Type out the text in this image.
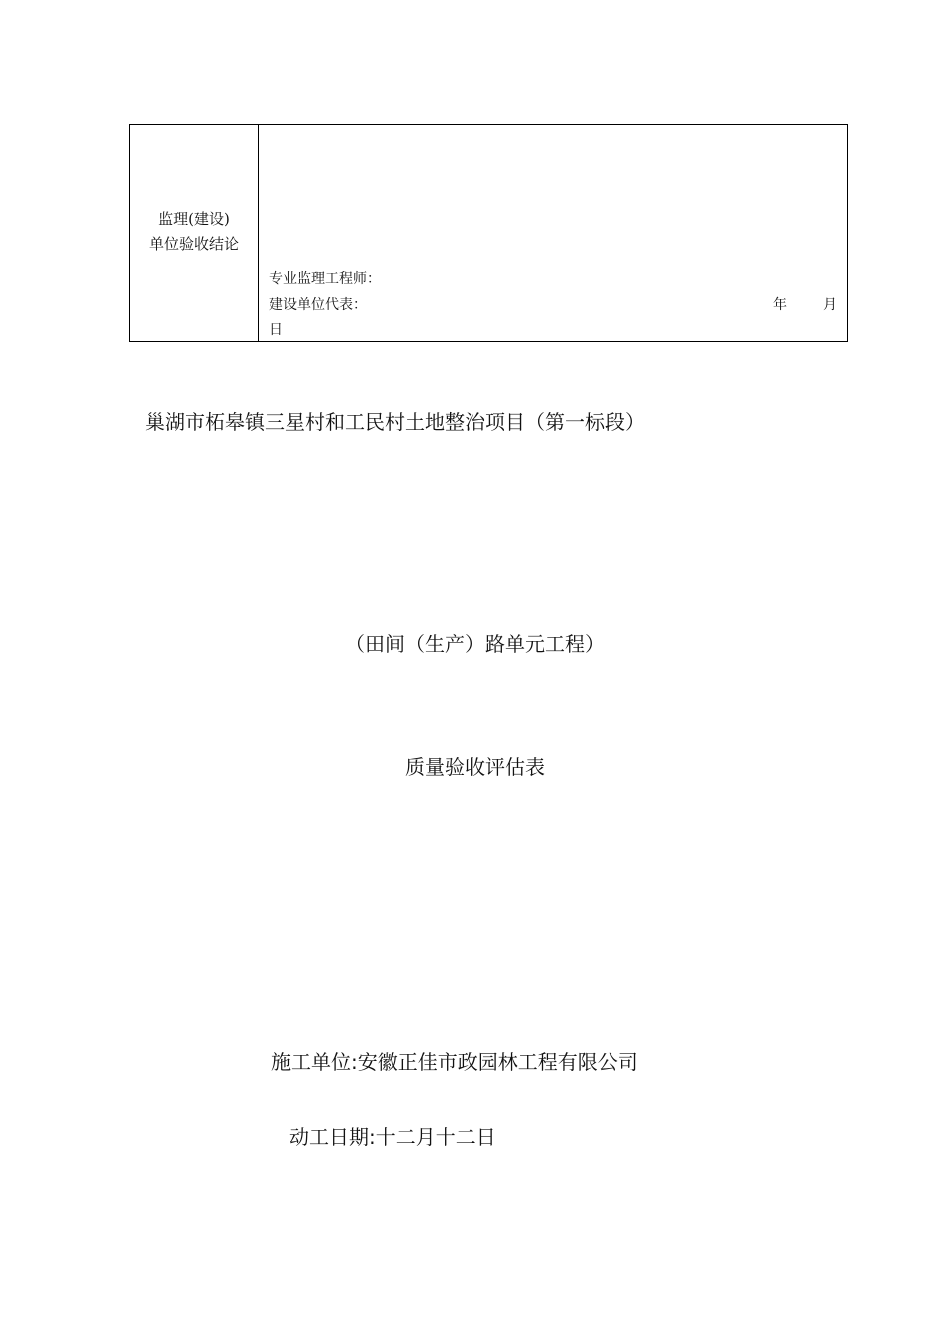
监理(建设)
单位验收结论
专业监理工程师：
建设单位代表：	年	月
日
巢湖市柘皋镇三星村和工民村土地整治项目（第一标段）
（田间（生产）路单元工程）
质量验收评估表
施工单位:安徽正佳市政园林工程有限公司
动工日期:十二月十二日
